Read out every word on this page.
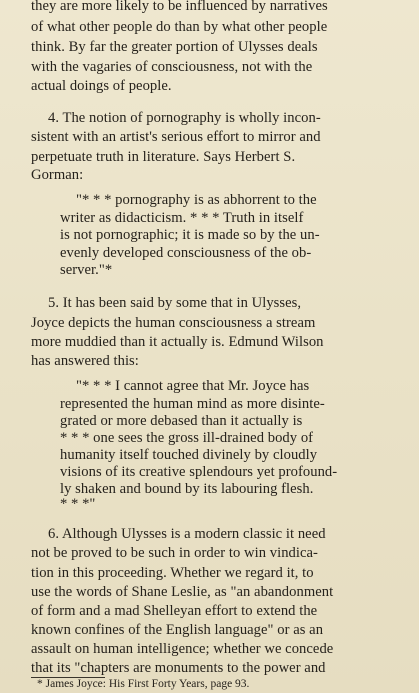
they are more likely to be influenced by narratives
of what other people do than by what other people
think. By far the greater portion of Ulysses deals
with the vagaries of consciousness, not with the
actual doings of people.
4. The notion of pornography is wholly incon-
sistent with an artist's serious effort to mirror and
perpetuate truth in literature. Says Herbert S.
Gorman:
"* * * pornography is as abhorrent to the
writer as didacticism. * * * Truth in itself
is not pornographic; it is made so by the un-
evenly developed consciousness of the ob-
server."*
5. It has been said by some that in Ulysses,
Joyce depicts the human consciousness a stream
more muddied than it actually is. Edmund Wilson
has answered this:
"* * * I cannot agree that Mr. Joyce has
represented the human mind as more disinte-
grated or more debased than it actually is
* * * one sees the gross ill-drained body of
humanity itself touched divinely by cloudly
visions of its creative splendours yet profound-
ly shaken and bound by its labouring flesh.
* * *"
6. Although Ulysses is a modern classic it need
not be proved to be such in order to win vindica-
tion in this proceeding. Whether we regard it, to
use the words of Shane Leslie, as "an abandonment
of form and a mad Shelleyan effort to extend the
known confines of the English language" or as an
assault on human intelligence; whether we concede
that its "chapters are monuments to the power and
* James Joyce: His First Forty Years, page 93.
